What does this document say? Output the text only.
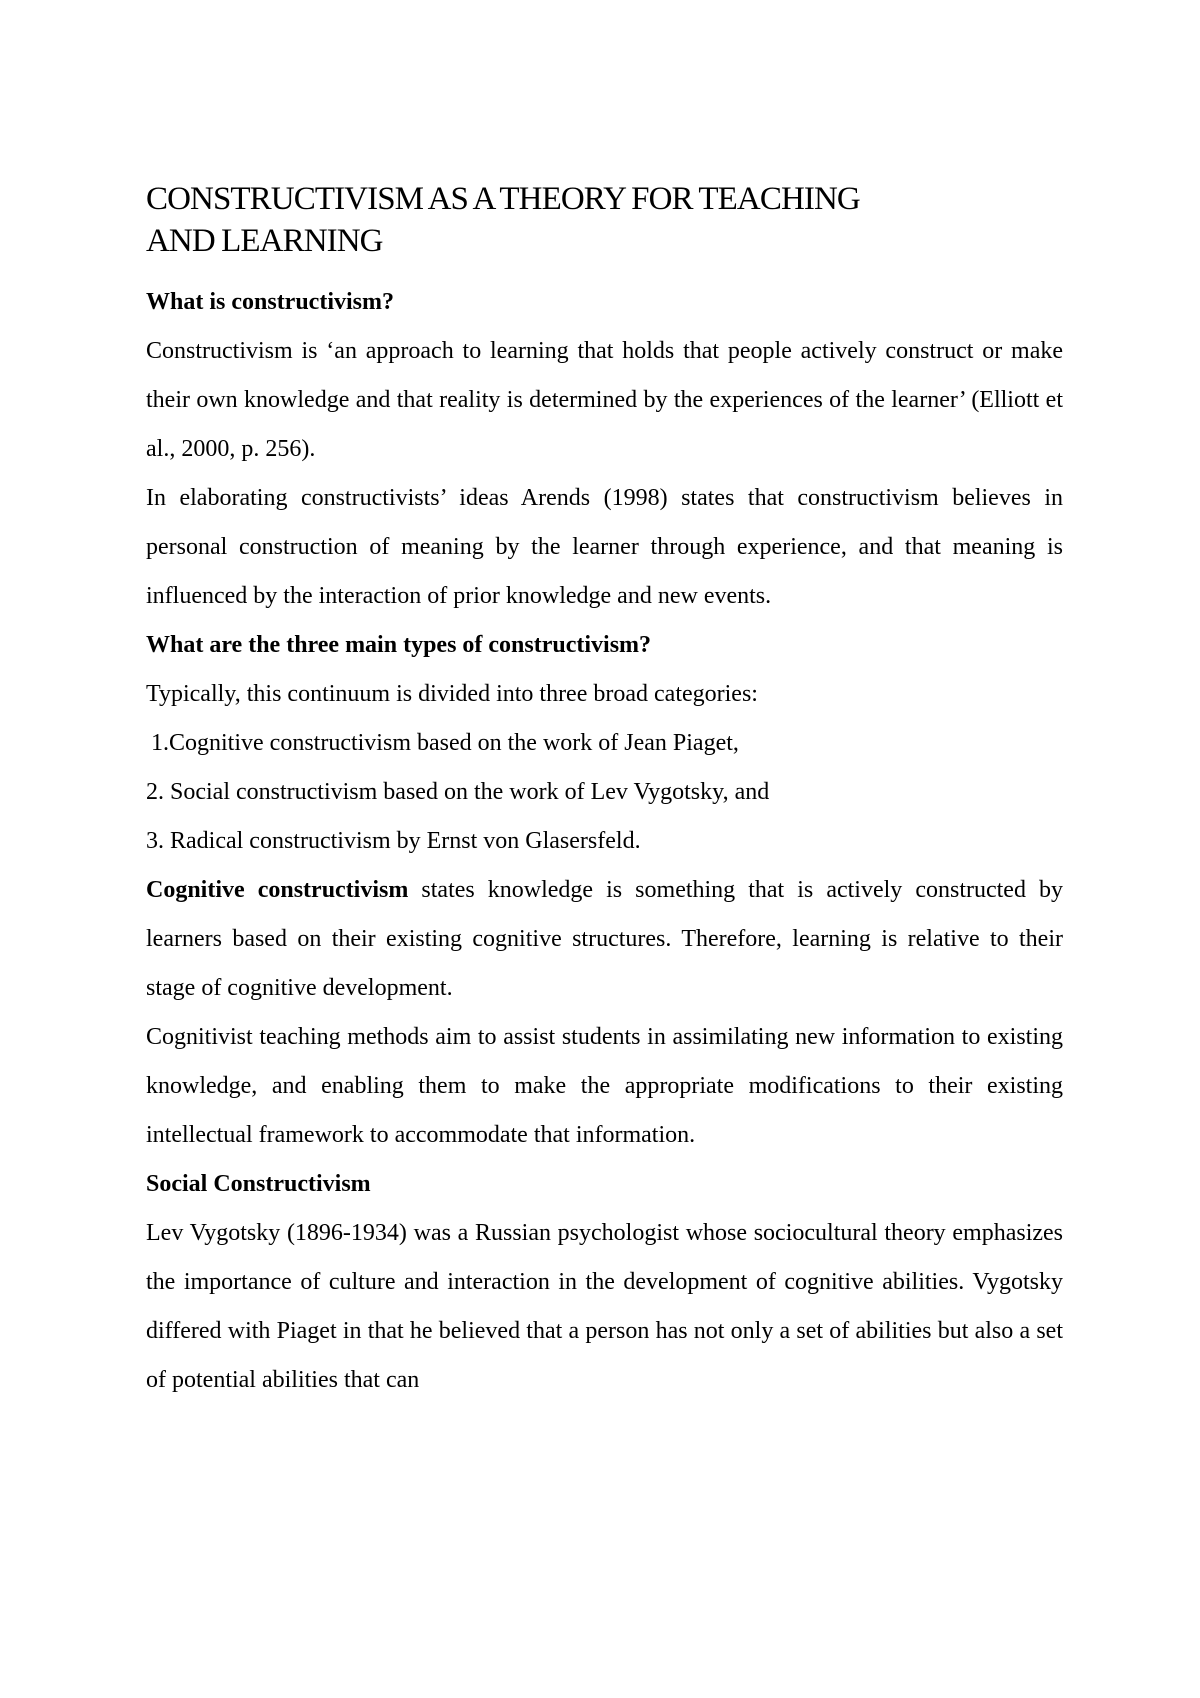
CONSTRUCTIVISM AS A THEORY FOR TEACHING
AND LEARNING

What is constructivism?

Constructivism is ‘an approach to learning that holds that people actively construct or make their own knowledge and that reality is determined by the experiences of the learner’ (Elliott et al., 2000, p. 256).

In elaborating constructivists’ ideas Arends (1998) states that constructivism believes in personal construction of meaning by the learner through experience, and that meaning is influenced by the interaction of prior knowledge and new events.

What are the three main types of constructivism?

Typically, this continuum is divided into three broad categories:

1.Cognitive constructivism based on the work of Jean Piaget,

2. Social constructivism based on the work of Lev Vygotsky, and

3. Radical constructivism by Ernst von Glasersfeld.

Cognitive constructivism states knowledge is something that is actively constructed by learners based on their existing cognitive structures. Therefore, learning is relative to their stage of cognitive development.

Cognitivist teaching methods aim to assist students in assimilating new information to existing knowledge, and enabling them to make the appropriate modifications to their existing intellectual framework to accommodate that information.

Social Constructivism

Lev Vygotsky (1896-1934) was a Russian psychologist whose sociocultural theory emphasizes the importance of culture and interaction in the development of cognitive abilities. Vygotsky differed with Piaget in that he believed that a person has not only a set of abilities but also a set of potential abilities that can
